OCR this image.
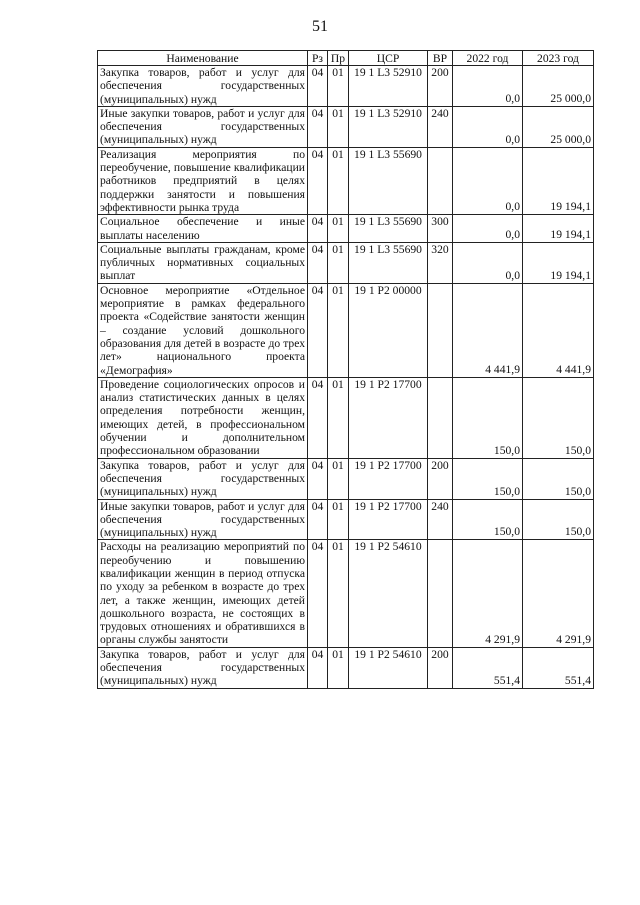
51
Наименование	Рз	Пр	ЦСР	ВР	2022 год	2023 год
Закупка товаров, работ и услуг для обеспечения государственных (муниципальных) нужд	04	01	19 1 L3 52910	200	0,0	25 000,0
Иные закупки товаров, работ и услуг для обеспечения государственных (муниципальных) нужд	04	01	19 1 L3 52910	240	0,0	25 000,0
Реализация мероприятия по переобучение, повышение квалификации работников предприятий в целях поддержки занятости и повышения эффективности рынка труда	04	01	19 1 L3 55690		0,0	19 194,1
Социальное обеспечение и иные выплаты населению	04	01	19 1 L3 55690	300	0,0	19 194,1
Социальные выплаты гражданам, кроме публичных нормативных социальных выплат	04	01	19 1 L3 55690	320	0,0	19 194,1
Основное мероприятие «Отдельное мероприятие в рамках федерального проекта «Содействие занятости женщин – создание условий дошкольного образования для детей в возрасте до трех лет» национального проекта «Демография»	04	01	19 1 P2 00000		4 441,9	4 441,9
Проведение социологических опросов и анализ статистических данных в целях определения потребности женщин, имеющих детей, в профессиональном обучении и дополнительном профессиональном образовании	04	01	19 1 P2 17700		150,0	150,0
Закупка товаров, работ и услуг для обеспечения государственных (муниципальных) нужд	04	01	19 1 P2 17700	200	150,0	150,0
Иные закупки товаров, работ и услуг для обеспечения государственных (муниципальных) нужд	04	01	19 1 P2 17700	240	150,0	150,0
Расходы на реализацию мероприятий по переобучению и повышению квалификации женщин в период отпуска по уходу за ребенком в возрасте до трех лет, а также женщин, имеющих детей дошкольного возраста, не состоящих в трудовых отношениях и обратившихся в органы службы занятости	04	01	19 1 P2 54610		4 291,9	4 291,9
Закупка товаров, работ и услуг для обеспечения государственных (муниципальных) нужд	04	01	19 1 P2 54610	200	551,4	551,4
